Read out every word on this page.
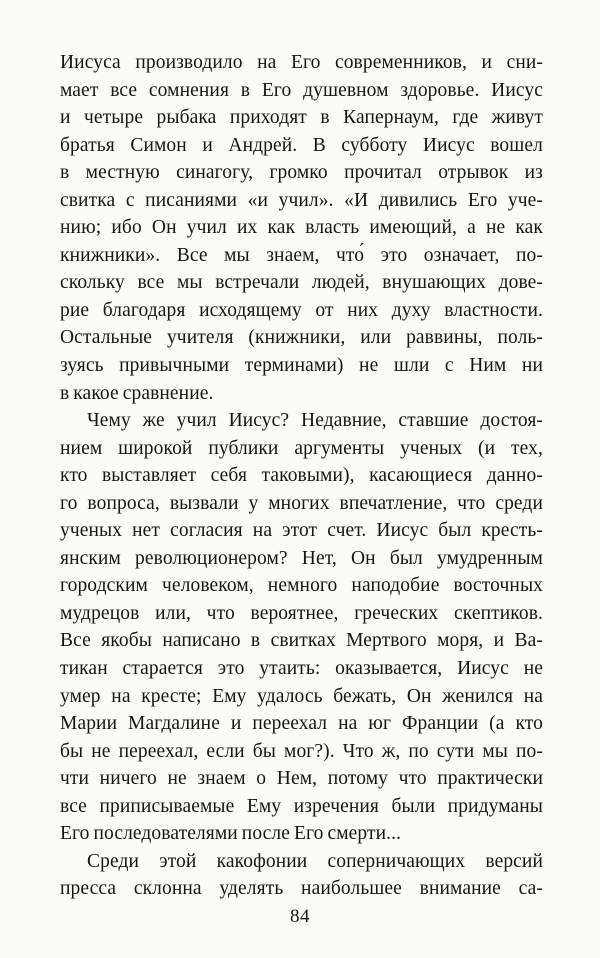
Иисуса производило на Его современников, и сни-
мает все сомнения в Его душевном здоровье. Иисус
и четыре рыбака приходят в Капернаум, где живут
братья Симон и Андрей. В субботу Иисус вошел
в местную синагогу, громко прочитал отрывок из
свитка с писаниями «и учил». «И дивились Его уче-
нию; ибо Он учил их как власть имеющий, а не как
книжники». Все мы знаем, что́ это означает, по-
скольку все мы встречали людей, внушающих дове-
рие благодаря исходящему от них духу властности.
Остальные учителя (книжники, или раввины, поль-
зуясь привычными терминами) не шли с Ним ни
в какое сравнение.
Чему же учил Иисус? Недавние, ставшие достоя-
нием широкой публики аргументы ученых (и тех,
кто выставляет себя таковыми), касающиеся данно-
го вопроса, вызвали у многих впечатление, что среди
ученых нет согласия на этот счет. Иисус был кресть-
янским революционером? Нет, Он был умудренным
городским человеком, немного наподобие восточных
мудрецов или, что вероятнее, греческих скептиков.
Все якобы написано в свитках Мертвого моря, и Ва-
тикан старается это утаить: оказывается, Иисус не
умер на кресте; Ему удалось бежать, Он женился на
Марии Магдалине и переехал на юг Франции (а кто
бы не переехал, если бы мог?). Что ж, по сути мы по-
чти ничего не знаем о Нем, потому что практически
все приписываемые Ему изречения были придуманы
Его последователями после Его смерти...
Среди этой какофонии соперничающих версий
пресса склонна уделять наибольшее внимание са-
84
